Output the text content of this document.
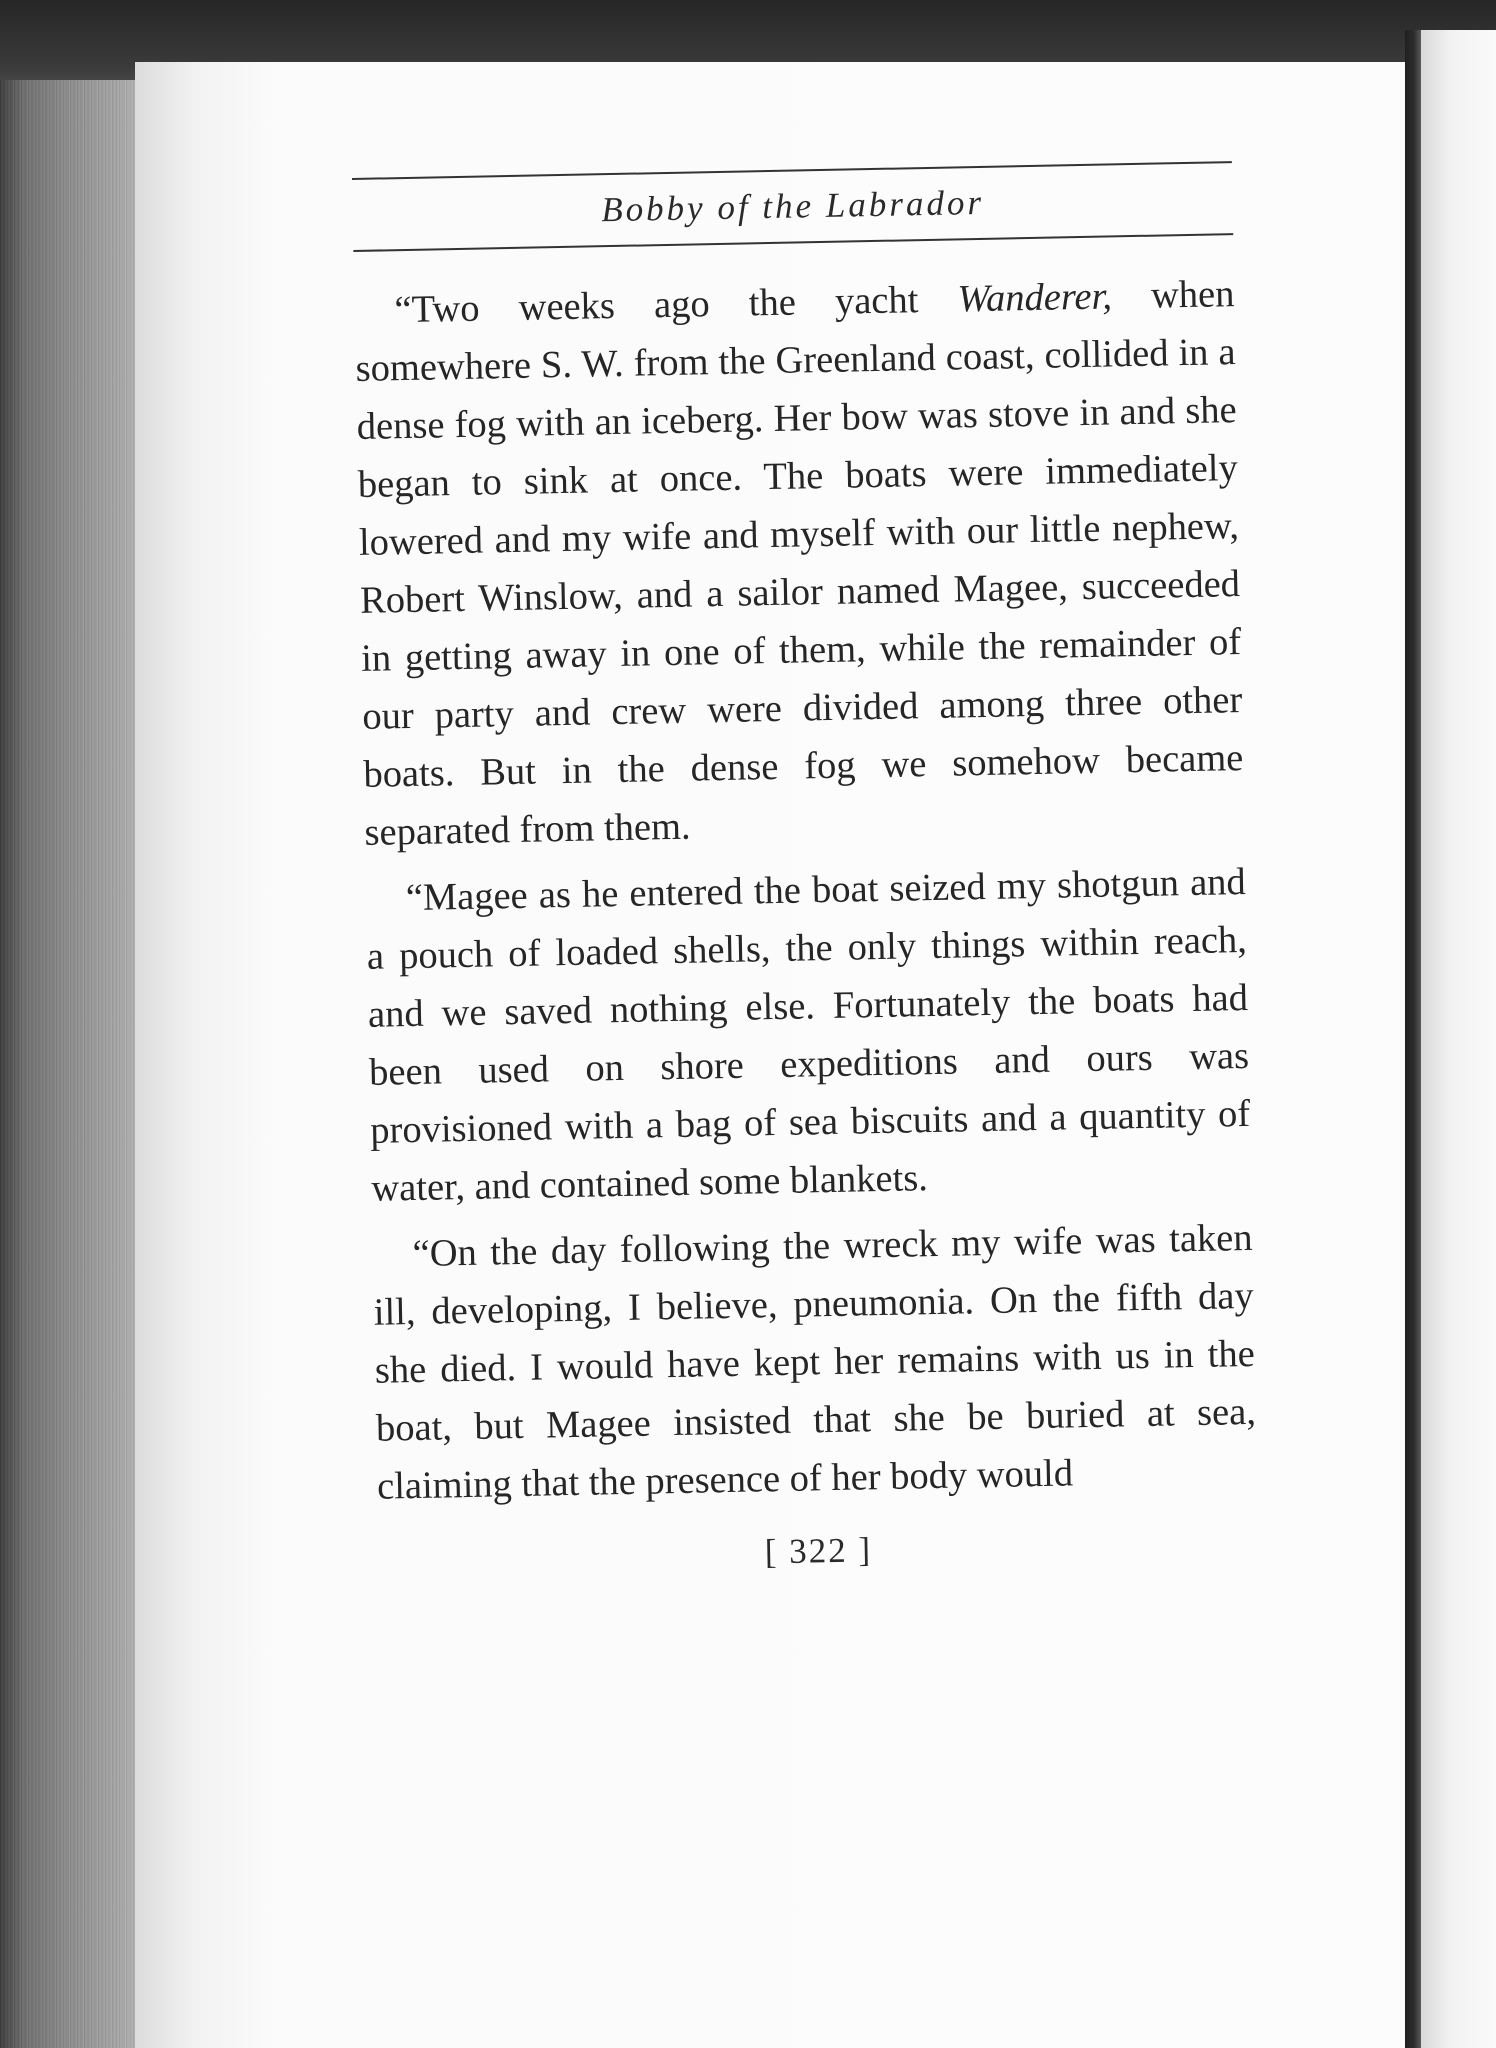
Bobby of the Labrador

“Two weeks ago the yacht Wanderer, when somewhere S. W. from the Greenland coast, collided in a dense fog with an iceberg. Her bow was stove in and she began to sink at once. The boats were immediately lowered and my wife and myself with our little nephew, Robert Winslow, and a sailor named Magee, succeeded in getting away in one of them, while the remainder of our party and crew were divided among three other boats. But in the dense fog we somehow became separated from them.

“Magee as he entered the boat seized my shotgun and a pouch of loaded shells, the only things within reach, and we saved nothing else. Fortunately the boats had been used on shore expeditions and ours was provisioned with a bag of sea biscuits and a quantity of water, and contained some blankets.

“On the day following the wreck my wife was taken ill, developing, I believe, pneumonia. On the fifth day she died. I would have kept her remains with us in the boat, but Magee insisted that she be buried at sea, claiming that the presence of her body would

[ 322 ]
